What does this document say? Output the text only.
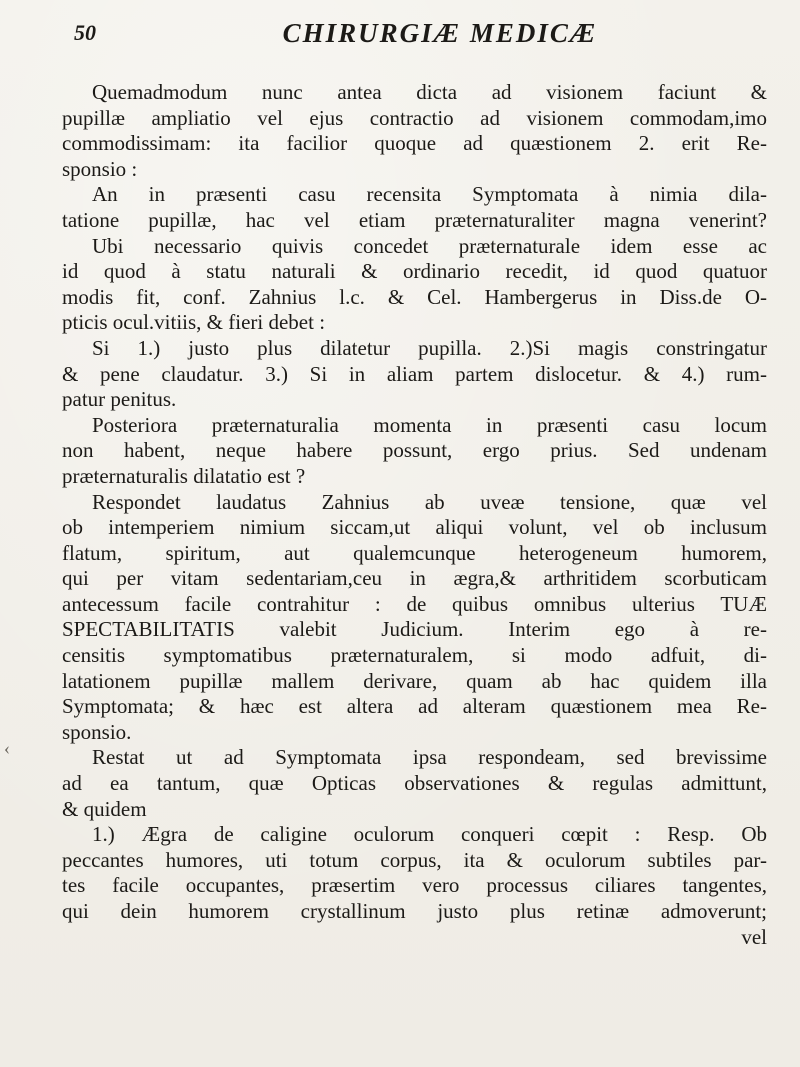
50	CHIRURGIÆ MEDICÆ
‹
Quemadmodum nunc antea dicta ad visionem faciunt &
pupillæ ampliatio vel ejus contractio ad visionem commodam,imo
commodissimam: ita facilior quoque ad quæstionem 2. erit Re-
sponsio :
An in præsenti casu recensita Symptomata à nimia dila-
tatione pupillæ, hac vel etiam præternaturaliter magna venerint?
Ubi necessario quivis concedet præternaturale idem esse ac
id quod à statu naturali & ordinario recedit, id quod quatuor
modis fit, conf. Zahnius l.c. & Cel. Hambergerus in Diss.de O-
pticis ocul.vitiis, & fieri debet :
Si 1.) justo plus dilatetur pupilla. 2.)Si magis constringatur
& pene claudatur. 3.) Si in aliam partem dislocetur. & 4.) rum-
patur penitus.
Posteriora præternaturalia momenta in præsenti casu locum
non habent, neque habere possunt, ergo prius. Sed undenam
præternaturalis dilatatio est ?
Respondet laudatus Zahnius ab uveæ tensione, quæ vel
ob intemperiem nimium siccam,ut aliqui volunt, vel ob inclusum
flatum, spiritum, aut qualemcunque heterogeneum humorem,
qui per vitam sedentariam,ceu in ægra,& arthritidem scorbuticam
antecessum facile contrahitur : de quibus omnibus ulterius TUÆ
SPECTABILITATIS valebit Judicium. Interim ego à re-
censitis symptomatibus præternaturalem, si modo adfuit, di-
latationem pupillæ mallem derivare, quam ab hac quidem illa
Symptomata; & hæc est altera ad alteram quæstionem mea Re-
sponsio.
Restat ut ad Symptomata ipsa respondeam, sed brevissime
ad ea tantum, quæ Opticas observationes & regulas admittunt,
& quidem
1.) Ægra de caligine oculorum conqueri cœpit : Resp. Ob
peccantes humores, uti totum corpus, ita & oculorum subtiles par-
tes facile occupantes, præsertim vero processus ciliares tangentes,
qui dein humorem crystallinum justo plus retinæ admoverunt;
vel
